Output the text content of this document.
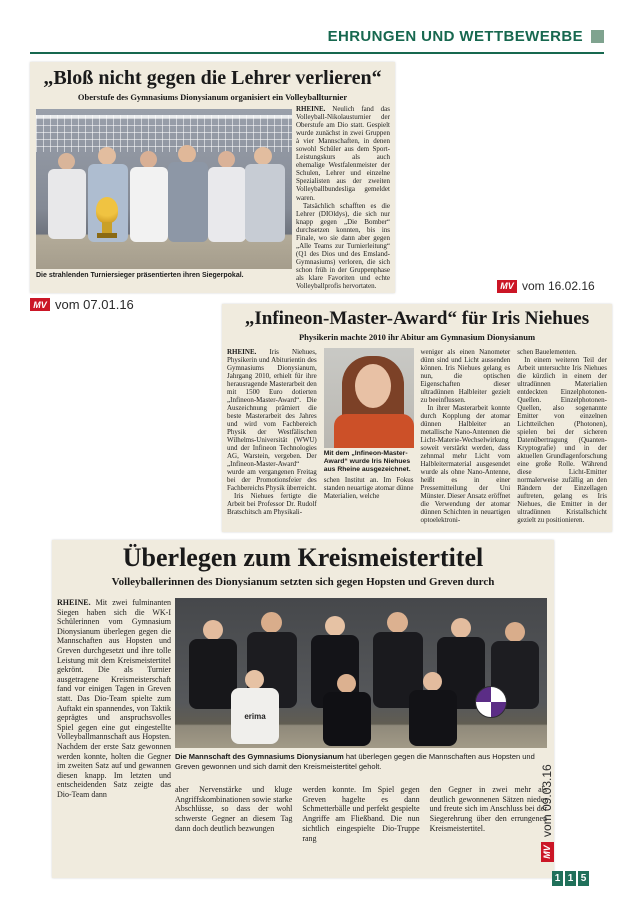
EHRUNGEN UND WETTBEWERBE
„Bloß nicht gegen die Lehrer verlieren“
Oberstufe des Gymnasiums Dionysianum organisiert ein Volleyballturnier
Die strahlenden Turniersieger präsentierten ihren Siegerpokal.

RHEINE. Neulich fand das Volleyball-Nikolausturnier der Oberstufe am Dio statt. Gespielt wurde zunächst in zwei Gruppen à vier Mannschaften, in denen sowohl Schüler aus dem Sport-Leistungskurs als auch ehemalige Westfalenmeister der Schulen, Lehrer und einzelne Spezialisten aus der zweiten Volleyballbundesliga gemeldet waren.

Tatsächlich schafften es die Lehrer (DIOldys), die sich nur knapp gegen „Die Bomber“ durchsetzen konnten, bis ins Finale, wo sie dann aber gegen „Alle Teams zur Turnierleitung“ (Q1 des Dios und des Emsland-Gymnasiums) verloren, die sich schon früh in der Gruppenphase als klare Favoriten und echte Volleyballprofis hervortaten.

MV vom 07.01.16
MV vom 16.02.16
„Infineon-Master-Award“ für Iris Niehues
Physikerin machte 2010 ihr Abitur am Gymnasium Dionysianum

RHEINE. Iris Niehues, Physikerin und Abiturientin des Gymnasiums Dionysianum, Jahrgang 2010, erhielt für ihre herausragende Masterarbeit den mit 1500 Euro dotierten „Infineon-Master-Award“. Die Auszeichnung prämiert die beste Masterarbeit des Jahres und wird vom Fachbereich Physik der Westfälischen Wilhelms-Universität (WWU) und der Infineon Technologies AG, Warstein, vergeben. Der „Infineon-Master-Award“ wurde am vergangenen Freitag bei der Promotionsfeier des Fachbereichs Physik überreicht.

Iris Niehues fertigte die Arbeit bei Professor Dr. Rudolf Bratschitsch am Physikali-

Mit dem „Infineon-Master-Award“ wurde Iris Niehues aus Rheine ausgezeichnet.
schen Institut an. Im Fokus standen neuartige atomar dünne Materialien, welche

weniger als einen Nanometer dünn sind und Licht aussenden können. Iris Niehues gelang es nun, die optischen Eigenschaften dieser ultradünnen Halbleiter gezielt zu beeinflussen.

In ihrer Masterarbeit konnte durch Kopplung der atomar dünnen Halbleiter an metallische Nano-Antennen die Licht-Materie-Wechselwirkung soweit verstärkt werden, dass zehnmal mehr Licht vom Halbleitermaterial ausgesendet wurde als ohne Nano-Antenne, heißt es in einer Pressemitteilung der Uni Münster. Dieser Ansatz eröffnet die Verwendung der atomar dünnen Schichten in neuartigen optoelektroni-

schen Bauelementen.

In einem weiteren Teil der Arbeit untersuchte Iris Niehues die kürzlich in einem der ultradünnen Materialien entdeckten Einzelphotonen-Quellen. Einzelphotonen-Quellen, also sogenannte Emitter von einzelnen Lichtteilchen (Photonen), spielen bei der sicheren Datenübertragung (Quanten-Kryptografie) und in der aktuellen Grundlagenforschung eine große Rolle. Während diese Licht-Emitter normalerweise zufällig an den Rändern der Einzellagen auftreten, gelang es Iris Niehues, die Emitter in der ultradünnen Kristallschicht gezielt zu positionieren.

Überlegen zum Kreismeistertitel
Volleyballerinnen des Dionysianum setzten sich gegen Hopsten und Greven durch

RHEINE. Mit zwei fulminanten Siegen haben sich die WK-I Schülerinnen vom Gymnasium Dionysianum überlegen gegen die Mannschaften aus Hopsten und Greven durchgesetzt und ihre tolle Leistung mit dem Kreismeistertitel gekrönt. Die als Turnier ausgetragene Kreismeisterschaft fand vor einigen Tagen in Greven statt. Das Dio-Team spielte zum Auftakt ein spannendes, von Taktik geprägtes und anspruchsvolles Spiel gegen eine gut eingestellte Volleyballmannschaft aus Hopsten. Nachdem der erste Satz gewonnen werden konnte, holten die Gegner im zweiten Satz auf und gewannen diesen knapp. Im letzten und entscheidenden Satz zeigte das Dio-Team dann

erima
Die Mannschaft des Gymnasiums Dionysianum hat überlegen gegen die Mannschaften aus Hopsten und Greven gewonnen und sich damit den Kreismeistertitel geholt.
aber Nervenstärke und kluge Angriffskombinationen sowie starke Abschlüsse, so dass der wohl schwerste Gegner an diesem Tag dann doch deutlich bezwungen
werden konnte. Im Spiel gegen Greven hagelte es dann Schmetterbälle und perfekt gespielte Angriffe am Fließband. Die nun sichtlich eingespielte Dio-Truppe rang
den Gegner in zwei mehr als deutlich gewonnenen Sätzen nieder und freute sich im Anschluss bei der Siegerehrung über den errungenen Kreismeistertitel.
MV
vom 09.03.16
1 1 5
